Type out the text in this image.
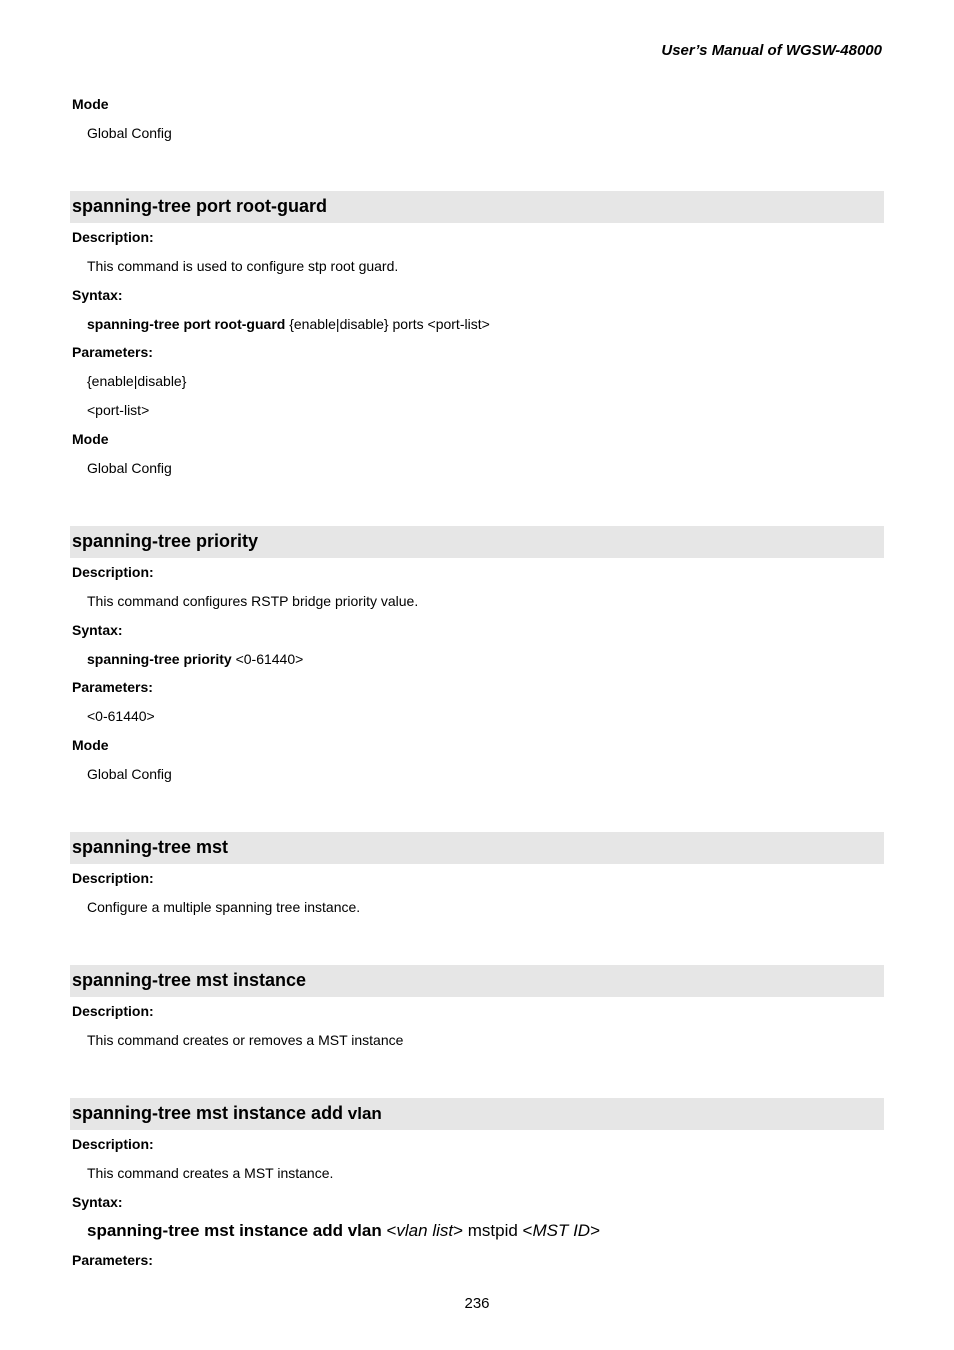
User’s Manual of WGSW-48000
Mode
Global Config
spanning-tree port root-guard
Description:
This command is used to configure stp root guard.
Syntax:
spanning-tree port root-guard {enable|disable} ports <port-list>
Parameters:
{enable|disable}
<port-list>
Mode
Global Config
spanning-tree priority
Description:
This command configures RSTP bridge priority value.
Syntax:
spanning-tree priority <0-61440>
Parameters:
<0-61440>
Mode
Global Config
spanning-tree mst
Description:
Configure a multiple spanning tree instance.
spanning-tree mst instance
Description:
This command creates or removes a MST instance
spanning-tree mst instance add vlan
Description:
This command creates a MST instance.
Syntax:
spanning-tree mst instance add vlan <vlan list> mstpid <MST ID>
Parameters:
236
